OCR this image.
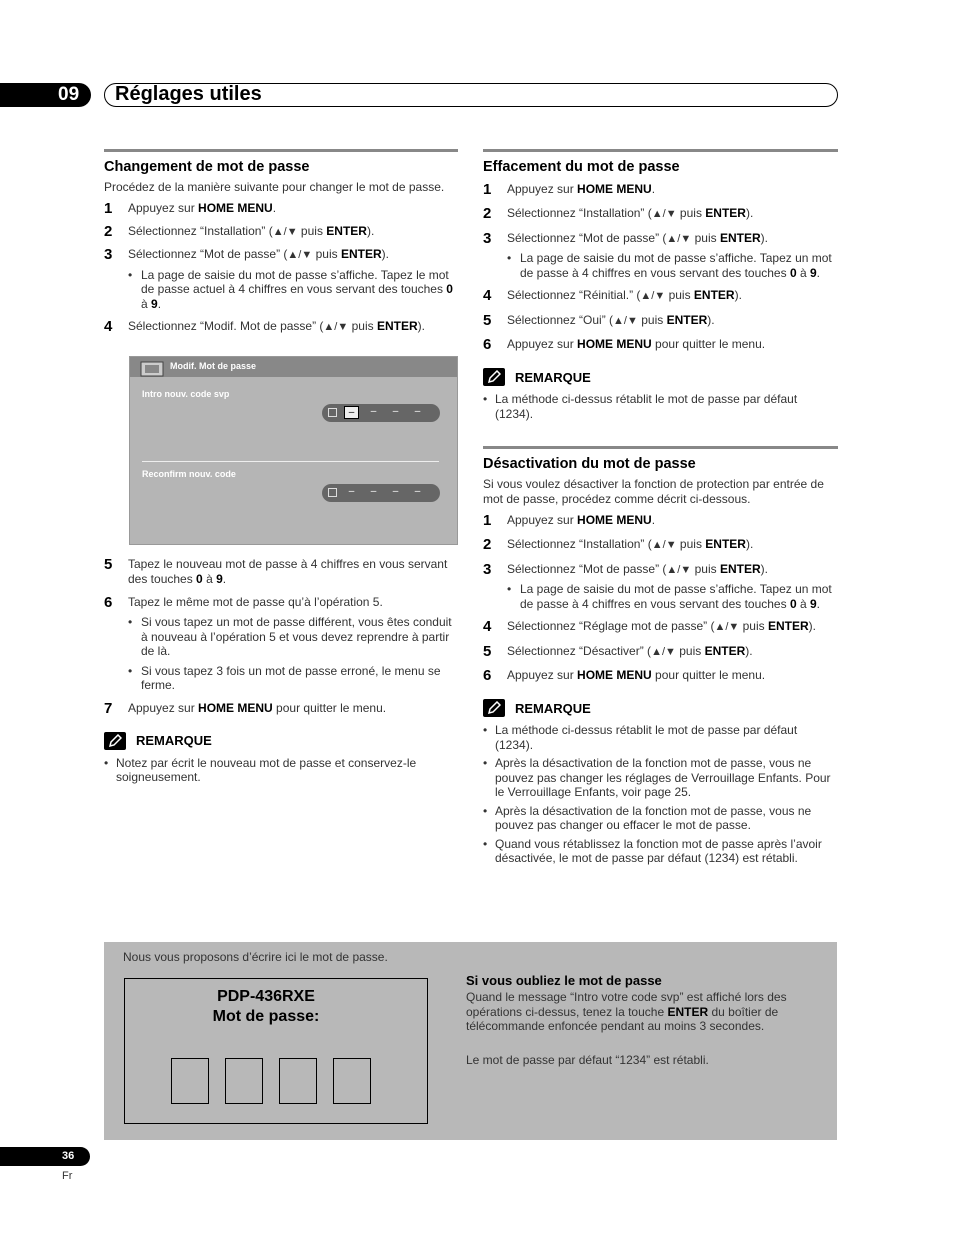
09	Réglages utiles
Changement de mot de passe
Procédez de la manière suivante pour changer le mot de passe.
1	Appuyez sur HOME MENU.
2	Sélectionnez “Installation” (▲/▼ puis ENTER).
3	Sélectionnez “Mot de passe” (▲/▼ puis ENTER).
• La page de saisie du mot de passe s’affiche. Tapez le mot de passe actuel à 4 chiffres en vous servant des touches 0 à 9.
4	Sélectionnez “Modif. Mot de passe” (▲/▼ puis ENTER).
Modif. Mot de passe
Intro nouv. code svp
–	–	–	–
Reconfirm nouv. code
–	–	–	–
5	Tapez le nouveau mot de passe à 4 chiffres en vous servant des touches 0 à 9.
6	Tapez le même mot de passe qu’à l’opération 5.
• Si vous tapez un mot de passe différent, vous êtes conduit à nouveau à l’opération 5 et vous devez reprendre à partir de là.
• Si vous tapez 3 fois un mot de passe erroné, le menu se ferme.
7	Appuyez sur HOME MENU pour quitter le menu.
REMARQUE
• Notez par écrit le nouveau mot de passe et conservez-le soigneusement.
Effacement du mot de passe
1	Appuyez sur HOME MENU.
2	Sélectionnez “Installation” (▲/▼ puis ENTER).
3	Sélectionnez “Mot de passe” (▲/▼ puis ENTER).
• La page de saisie du mot de passe s’affiche. Tapez un mot de passe à 4 chiffres en vous servant des touches 0 à 9.
4	Sélectionnez “Réinitial.” (▲/▼ puis ENTER).
5	Sélectionnez “Oui” (▲/▼ puis ENTER).
6	Appuyez sur HOME MENU pour quitter le menu.
REMARQUE
• La méthode ci-dessus rétablit le mot de passe par défaut (1234).
Désactivation du mot de passe
Si vous voulez désactiver la fonction de protection par entrée de mot de passe, procédez comme décrit ci-dessous.
1	Appuyez sur HOME MENU.
2	Sélectionnez “Installation” (▲/▼ puis ENTER).
3	Sélectionnez “Mot de passe” (▲/▼ puis ENTER).
• La page de saisie du mot de passe s’affiche. Tapez un mot de passe à 4 chiffres en vous servant des touches 0 à 9.
4	Sélectionnez “Réglage mot de passe” (▲/▼ puis ENTER).
5	Sélectionnez “Désactiver” (▲/▼ puis ENTER).
6	Appuyez sur HOME MENU pour quitter le menu.
REMARQUE
• La méthode ci-dessus rétablit le mot de passe par défaut (1234).
• Après la désactivation de la fonction mot de passe, vous ne pouvez pas changer les réglages de Verrouillage Enfants. Pour le Verrouillage Enfants, voir page 25.
• Après la désactivation de la fonction mot de passe, vous ne pouvez pas changer ou effacer le mot de passe.
• Quand vous rétablissez la fonction mot de passe après l’avoir désactivée, le mot de passe par défaut (1234) est rétabli.
Nous vous proposons d’écrire ici le mot de passe.
PDP-436RXE
Mot de passe:
Si vous oubliez le mot de passe
Quand le message “Intro votre code svp” est affiché lors des opérations ci-dessus, tenez la touche ENTER du boîtier de télécommande enfoncée pendant au moins 3 secondes.
Le mot de passe par défaut “1234” est rétabli.
36
Fr
